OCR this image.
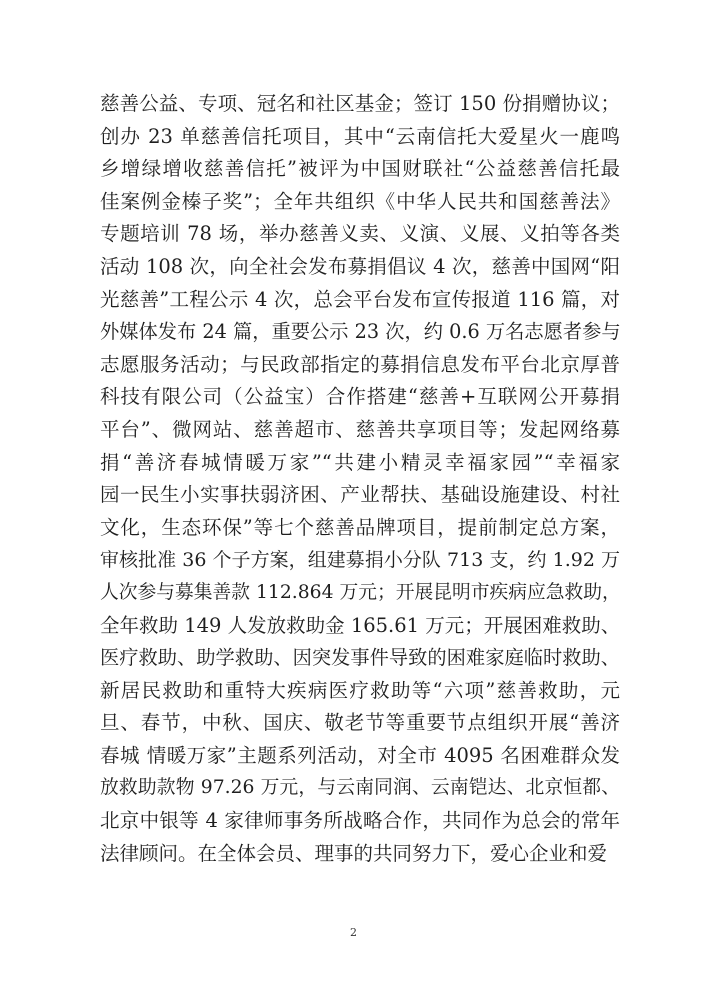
慈善公益、专项、冠名和社区基金；签订 150 份捐赠协议；
创办 23 单慈善信托项目，其中“云南信托大爱星火一鹿鸣
乡增绿增收慈善信托”被评为中国财联社“公益慈善信托最
佳案例金榛子奖”；全年共组织《中华人民共和国慈善法》
专题培训 78 场，举办慈善义卖、义演、义展、义拍等各类
活动 108 次，向全社会发布募捐倡议 4 次，慈善中国网“阳
光慈善”工程公示 4 次，总会平台发布宣传报道 116 篇，对
外媒体发布 24 篇，重要公示 23 次，约 0.6 万名志愿者参与
志愿服务活动；与民政部指定的募捐信息发布平台北京厚普
科技有限公司（公益宝）合作搭建“慈善+互联网公开募捐
平台”、微网站、慈善超市、慈善共享项目等；发起网络募
捐“善济春城情暖万家”“共建小精灵幸福家园”“幸福家
园一民生小实事扶弱济困、产业帮扶、基础设施建设、村社
文化，生态环保”等七个慈善品牌项目，提前制定总方案，
审核批准 36 个子方案，组建募捐小分队 713 支，约 1.92 万
人次参与募集善款 112.864 万元；开展昆明市疾病应急救助，
全年救助 149 人发放救助金 165.61 万元；开展困难救助、
医疗救助、助学救助、因突发事件导致的困难家庭临时救助、
新居民救助和重特大疾病医疗救助等“六项”慈善救助，元
旦、春节，中秋、国庆、敬老节等重要节点组织开展“善济
春城 情暖万家”主题系列活动，对全市 4095 名困难群众发
放救助款物 97.26 万元，与云南同润、云南铠达、北京恒都、
北京中银等 4 家律师事务所战略合作，共同作为总会的常年
法律顾问。在全体会员、理事的共同努力下，爱心企业和爱
2
